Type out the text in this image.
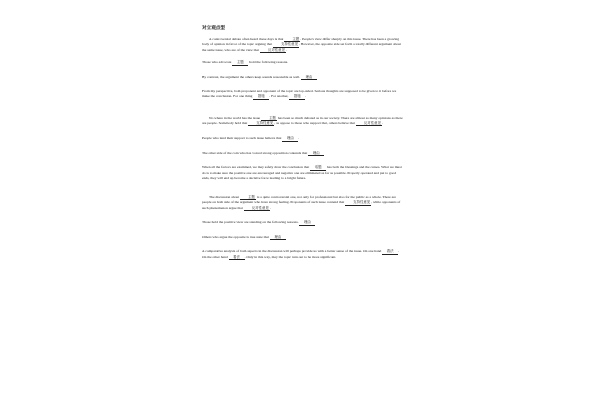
对立观点型

A controversial debate often heard these days is that 主题. People's view differ sharply on this issue. There has been a growing body of opinion in favor of the topic arguing that 支持性意见. However, the opposite side set forth a totally different argument about the same issue, who are of the view that 反对性意见.

Those who advocate 主题 hold the following reasons.

By contrast, the argument the others keep sounds reasonable as well. 理由

From my perspective, both proponent and opponent of the topic are lop-sided. Serious thoughts are supposed to be given to it before we make the conclusion. For one thing 措施 . For another, 措施 .

No where in the world has the issue 主题 has been so much debated as in our society. There are almost as many opinions as there are people. Somebody hold that 支持性意见, as oppose to those who support that, others believe that 反对性意见.

People who lend their support to such issue believe that 理由 .

The other side of the coin who has voiced strong opposition contends that 理由

When all the factors are examined, we may safely draw the conclusion that 话题 has both the blessings and the curses. What we must do is to make sure the positive one are encouraged and negative one are eliminated as far as possible. Properly operated and put to good ends, they will end up become a decisive force leading to a bright future.

The discussion about 主题 is a quite controversial one, not only for professional but also for the public as a whole. There are people on both side of the argument who have strong feeling. Proponents of such issue contend that 支持性意见, while opponents of such phenomenon argue that 反对性意见.

Those hold the positive view are standing on the following reasons. 理由

Others who argue the opposite is true state that 理由

A comparative analysis of both aspects in the discussion will perhaps provide us with a better sense of the issue. On one hand 看法 . On the other hand 看法 . Only in this way, may the topic turn out to be more significant.
